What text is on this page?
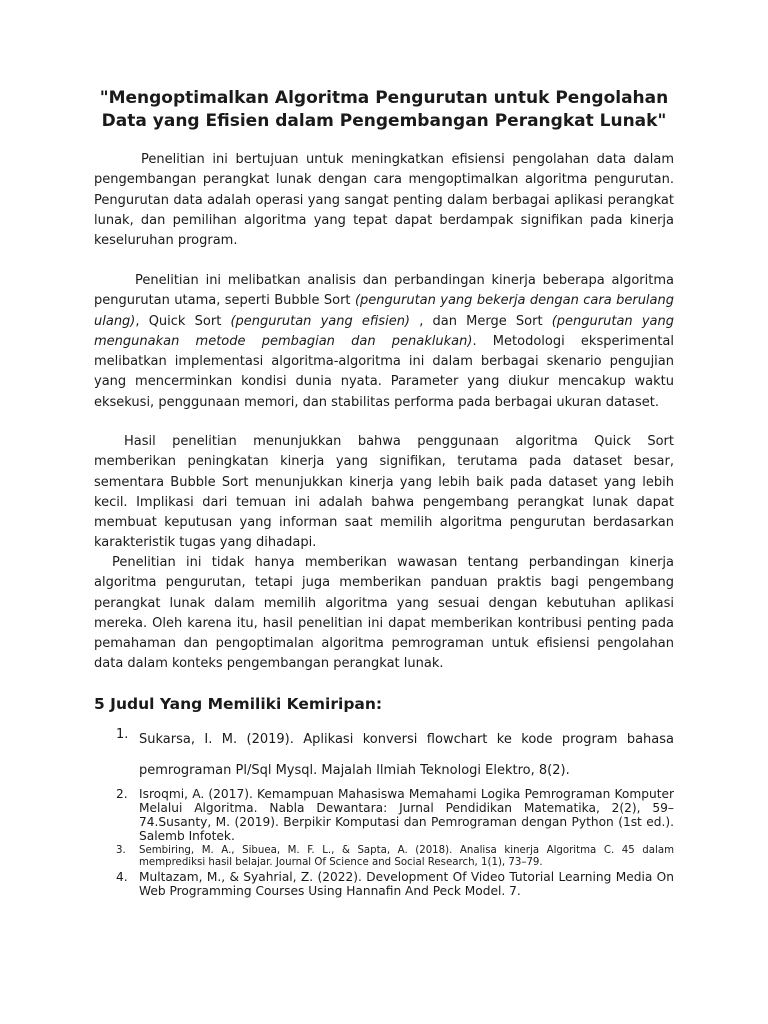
"Mengoptimalkan Algoritma Pengurutan untuk Pengolahan Data yang Efisien dalam Pengembangan Perangkat Lunak"

Penelitian ini bertujuan untuk meningkatkan efisiensi pengolahan data dalam pengembangan perangkat lunak dengan cara mengoptimalkan algoritma pengurutan. Pengurutan data adalah operasi yang sangat penting dalam berbagai aplikasi perangkat lunak, dan pemilihan algoritma yang tepat dapat berdampak signifikan pada kinerja keseluruhan program.

Penelitian ini melibatkan analisis dan perbandingan kinerja beberapa algoritma pengurutan utama, seperti Bubble Sort (pengurutan yang bekerja dengan cara berulang ulang), Quick Sort (pengurutan yang efisien) , dan Merge Sort (pengurutan yang mengunakan metode pembagian dan penaklukan). Metodologi eksperimental melibatkan implementasi algoritma-algoritma ini dalam berbagai skenario pengujian yang mencerminkan kondisi dunia nyata. Parameter yang diukur mencakup waktu eksekusi, penggunaan memori, dan stabilitas performa pada berbagai ukuran dataset.

Hasil penelitian menunjukkan bahwa penggunaan algoritma Quick Sort memberikan peningkatan kinerja yang signifikan, terutama pada dataset besar, sementara Bubble Sort menunjukkan kinerja yang lebih baik pada dataset yang lebih kecil. Implikasi dari temuan ini adalah bahwa pengembang perangkat lunak dapat membuat keputusan yang informan saat memilih algoritma pengurutan berdasarkan karakteristik tugas yang dihadapi.

Penelitian ini tidak hanya memberikan wawasan tentang perbandingan kinerja algoritma pengurutan, tetapi juga memberikan panduan praktis bagi pengembang perangkat lunak dalam memilih algoritma yang sesuai dengan kebutuhan aplikasi mereka. Oleh karena itu, hasil penelitian ini dapat memberikan kontribusi penting pada pemahaman dan pengoptimalan algoritma pemrograman untuk efisiensi pengolahan data dalam konteks pengembangan perangkat lunak.

5 Judul Yang Memiliki Kemiripan:
1. Sukarsa, I. M. (2019). Aplikasi konversi flowchart ke kode program bahasa pemrograman Pl/Sql Mysql. Majalah Ilmiah Teknologi Elektro, 8(2).
2. Isroqmi, A. (2017). Kemampuan Mahasiswa Memahami Logika Pemrograman Komputer Melalui Algoritma. Nabla Dewantara: Jurnal Pendidikan Matematika, 2(2), 59–74.Susanty, M. (2019). Berpikir Komputasi dan Pemrograman dengan Python (1st ed.). Salemb Infotek.
3.	Sembiring, M. A., Sibuea, M. F. L., & Sapta, A. (2018). Analisa kinerja Algoritma C. 45 dalam memprediksi hasil belajar. Journal Of Science and Social Research, 1(1), 73–79.
4. Multazam, M., & Syahrial, Z. (2022). Development Of Video Tutorial Learning Media On Web Programming Courses Using Hannafin And Peck Model. 7.
